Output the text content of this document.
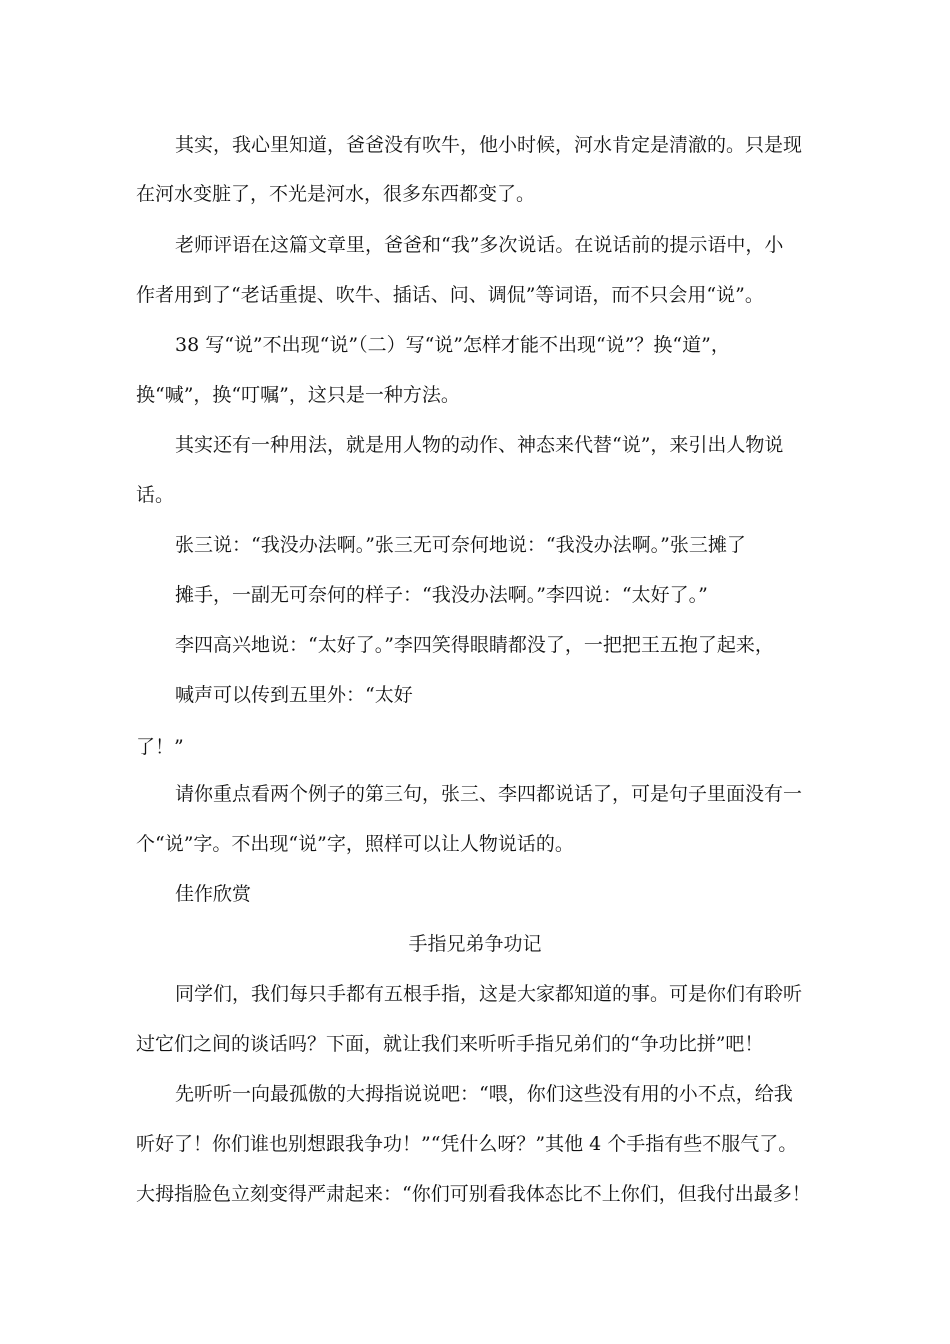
其实，我心里知道，爸爸没有吹牛，他小时候，河水肯定是清澈的。只是现

在河水变脏了，不光是河水，很多东西都变了。

老师评语在这篇文章里，爸爸和“我”多次说话。在说话前的提示语中，小

作者用到了“老话重提、吹牛、插话、问、调侃”等词语，而不只会用“说”。

38 写“说”不出现“说”（二）写“说”怎样才能不出现“说”？换“道”，

换“喊”，换“叮嘱”，这只是一种方法。

其实还有一种用法，就是用人物的动作、神态来代替“说”，来引出人物说

话。

张三说：“我没办法啊。”张三无可奈何地说：“我没办法啊。”张三摊了

摊手，一副无可奈何的样子：“我没办法啊。”李四说：“太好了。”

李四高兴地说：“太好了。”李四笑得眼睛都没了，一把把王五抱了起来，

喊声可以传到五里外：“太好

了！”

请你重点看两个例子的第三句，张三、李四都说话了，可是句子里面没有一

个“说”字。不出现“说”字，照样可以让人物说话的。

佳作欣赏

手指兄弟争功记

同学们，我们每只手都有五根手指，这是大家都知道的事。可是你们有聆听

过它们之间的谈话吗？下面，就让我们来听听手指兄弟们的“争功比拼”吧！

先听听一向最孤傲的大拇指说说吧：“喂，你们这些没有用的小不点，给我

听好了！你们谁也别想跟我争功！”“凭什么呀？”其他 4 个手指有些不服气了。

大拇指脸色立刻变得严肃起来：“你们可别看我体态比不上你们，但我付出最多！
